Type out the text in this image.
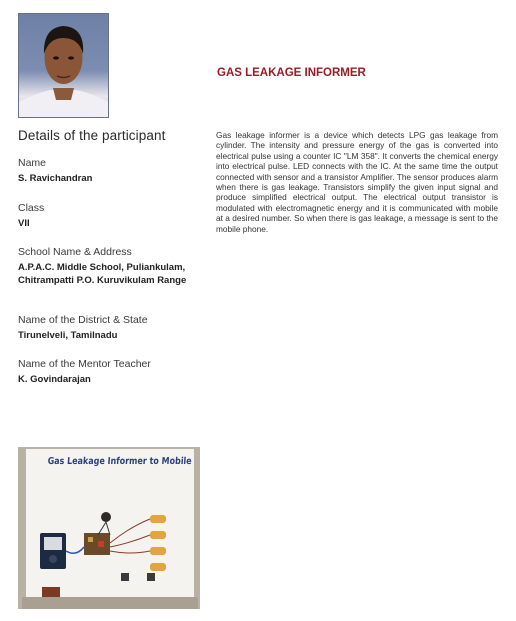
Details of the participant
Name
S. Ravichandran
Class
VII
School Name & Address
A.P.A.C. Middle School, Puliankulam,
Chitrampatti P.O. Kuruvikulam Range
Name of the District & State
Tirunelveli, Tamilnadu
Name of the Mentor Teacher
K. Govindarajan
GAS LEAKAGE INFORMER
Gas leakage informer is a device which detects LPG gas leakage from cylinder. The intensity and pressure energy of the gas is converted into electrical pulse using a counter IC "LM 358". It converts the chemical energy into electrical pulse. LED connects with the IC. At the same time the output connected with sensor and a transistor Amplifier. The sensor produces alarm when there is gas leakage. Transistors simplify the given input signal and produce simplified electrical output. The electrical output transistor is modulated with electromagnetic energy and it is communicated with mobile at a desired number. So when there is gas leakage, a message is sent to the mobile phone.
Gas Leakage Informer to Mobile
